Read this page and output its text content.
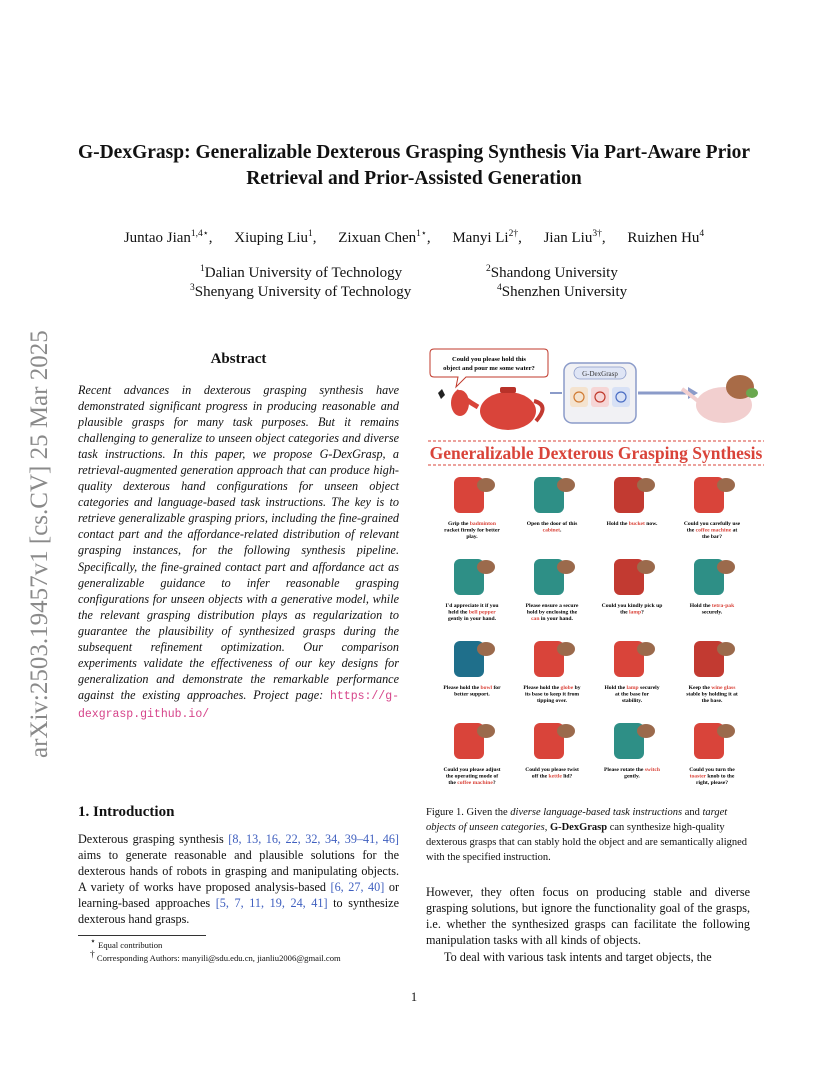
arXiv:2503.19457v1 [cs.CV] 25 Mar 2025
G-DexGrasp: Generalizable Dexterous Grasping Synthesis Via Part-Aware Prior
Retrieval and Prior-Assisted Generation
Juntao Jian$^{1,4⋆}$, Xiuping Liu$^1$, Zixuan Chen$^{1⋆}$, Manyi $Li^{2\dagger}$, Jian Liu$^{3\dagger}$, Ruizhen Hu$^4$
$^1$Dalian University of Technology	$^2$Shandong University
$^3$Shenyang University of Technology	$^4$Shenzhen University
Abstract
Recent advances in dexterous grasping synthesis have demonstrated significant progress in producing reasonable and plausible grasps for many task purposes. But it remains challenging to generalize to unseen object categories and diverse task instructions. In this paper, we propose G-DexGrasp, a retrieval-augmented generation approach that can produce high-quality dexterous hand configurations for unseen object categories and language-based task instructions. The key is to retrieve generalizable grasping priors, including the fine-grained contact part and the affordance-related distribution of relevant grasping instances, for the following synthesis pipeline. Specifically, the fine-grained contact part and affordance act as generalizable guidance to infer reasonable grasping configurations for unseen objects with a generative model, while the relevant grasping distribution plays as regularization to guarantee the plausibility of synthesized grasps during the subsequent refinement optimization. Our comparison experiments validate the effectiveness of our key designs for generalization and demonstrate the remarkable performance against the existing approaches. Project page: https://g-dexgrasp.github.io/
1. Introduction
Dexterous grasping synthesis [8, 13, 16, 22, 32, 34, 39–41, 46] aims to generate reasonable and plausible solutions for the dexterous hands of robots in grasping and manipulating objects. A variety of works have proposed analysis-based [6, 27, 40] or learning-based approaches [5, 7, 11, 19, 24, 41] to synthesize dexterous hand grasps.
⋆ Equal contribution
† Corresponding Authors: manyili@sdu.edu.cn, jianliu2006@gmail.com
Could you please hold this
object and pour me some water?
G-DexGrasp
Generalizable Dexterous Grasping Synthesis
Grip the badminton racket firmly for better play.
Open the door of this cabinet.
Hold the bucket now.	Could you carefully use the coffee machine at the bar?
I'd appreciate it if you held the bell pepper gently in your hand.
Please ensure a secure hold by enclosing the can in your hand.
Could you kindly pick up the lamp?
Hold the tetra-pak securely.
Please hold the bowl for better support.
Please hold the globe by its base to keep it from tipping over.
Hold the lamp securely at the base for stability.
Keep the wine glass stable by holding it at the base.
Could you please adjust the operating mode of the coffee machine?
Could you please twist off the kettle lid?
Please rotate the switch gently.
Could you turn the toaster knob to the right, please?
Figure 1. Given the diverse language-based task instructions and target objects of unseen categories, G-DexGrasp can synthesize high-quality dexterous grasps that can stably hold the object and are semantically aligned with the specified instruction.
However, they often focus on producing stable and diverse grasping solutions, but ignore the functionality goal of the grasps, i.e. whether the synthesized grasps can facilitate the following manipulation tasks with all kinds of objects.
To deal with various task intents and target objects, the
1
